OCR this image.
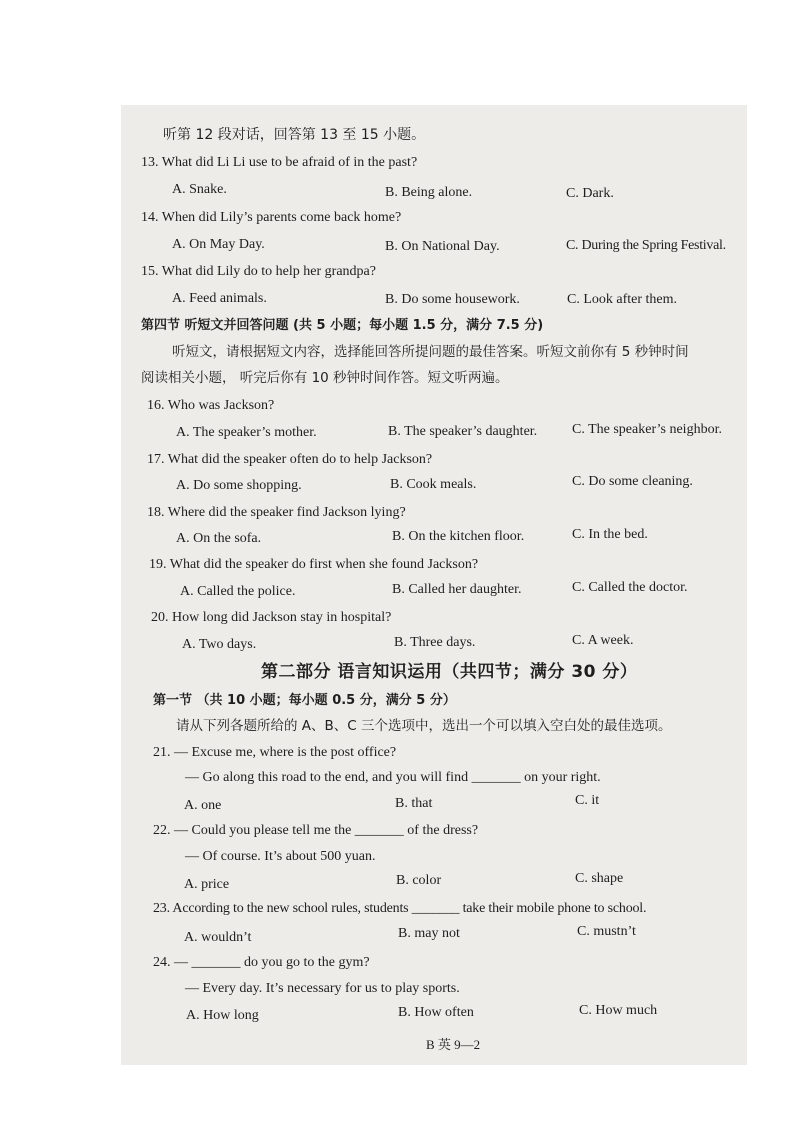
听第 12 段对话，回答第 13 至 15 小题。
13. What did Li Li use to be afraid of in the past?
A. Snake.	B. Being alone.	C. Dark.
14. When did Lily’s parents come back home?
A. On May Day.	B. On National Day.	C. During the Spring Festival.
15. What did Lily do to help her grandpa?
A. Feed animals.	B. Do some housework.	C. Look after them.
第四节 听短文并回答问题 (共 5 小题；每小题 1.5 分，满分 7.5 分)
听短文，请根据短文内容，选择能回答所提问题的最佳答案。听短文前你有 5 秒钟时间
阅读相关小题， 听完后你有 10 秒钟时间作答。短文听两遍。
16. Who was Jackson?
A. The speaker’s mother.	B. The speaker’s daughter. C. The speaker’s neighbor.
17. What did the speaker often do to help Jackson?
A. Do some shopping.	B. Cook meals.	C. Do some cleaning.
18. Where did the speaker find Jackson lying?
A. On the sofa.	B. On the kitchen floor.	C. In the bed.
19. What did the speaker do first when she found Jackson?
A. Called the police.	B. Called her daughter.	C. Called the doctor.
20. How long did Jackson stay in hospital?
A. Two days.	B. Three days.	C. A week.
第二部分 语言知识运用（共四节；满分 30 分）
第一节 （共 10 小题；每小题 0.5 分，满分 5 分）
请从下列各题所给的 A、B、C 三个选项中，选出一个可以填入空白处的最佳选项。
21. — Excuse me, where is the post office?
— Go along this road to the end, and you will find _______ on your right.
A. one	B. that	C. it
22. — Could you please tell me the _______ of the dress?
— Of course. It’s about 500 yuan.
A. price	B. color	C. shape
23. According to the new school rules, students _______ take their mobile phone to school.
A. wouldn’t	B. may not	C. mustn’t
24. — _______ do you go to the gym?
— Every day. It’s necessary for us to play sports.
A. How long	B. How often	C. How much
B 英 9—2
